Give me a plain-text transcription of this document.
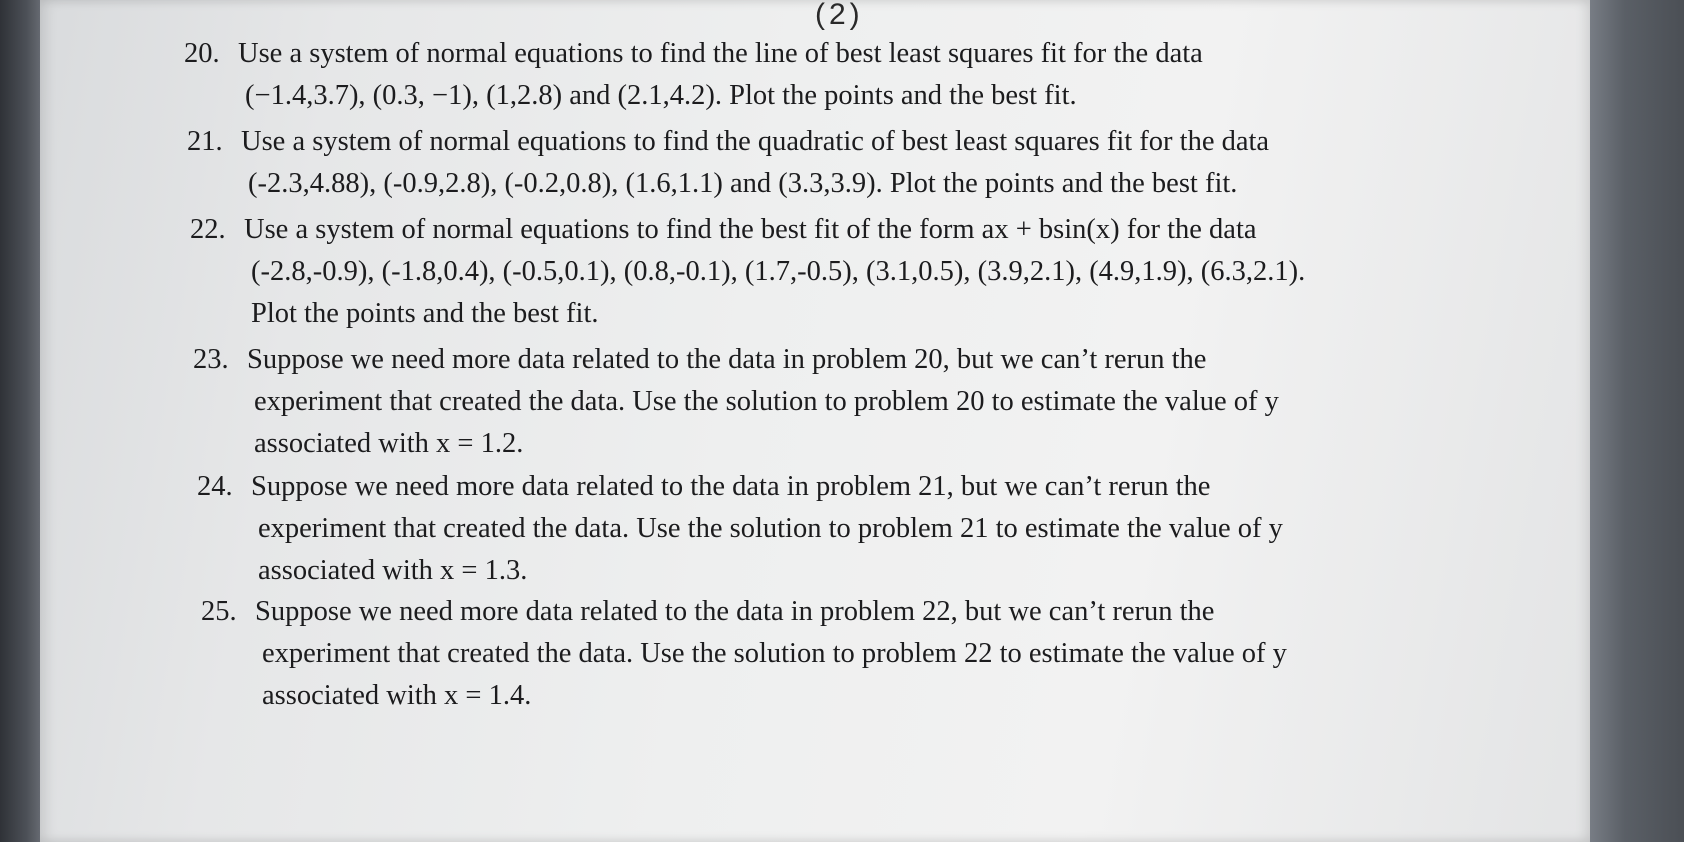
(2)
20. Use a system of normal equations to find the line of best least squares fit for the data
(−1.4,3.7), (0.3, −1), (1,2.8) and (2.1,4.2). Plot the points and the best fit.
21. Use a system of normal equations to find the quadratic of best least squares fit for the data
(-2.3,4.88), (-0.9,2.8), (-0.2,0.8), (1.6,1.1) and (3.3,3.9). Plot the points and the best fit.
22. Use a system of normal equations to find the best fit of the form ax + bsin(x) for the data
(-2.8,-0.9), (-1.8,0.4), (-0.5,0.1), (0.8,-0.1), (1.7,-0.5), (3.1,0.5), (3.9,2.1), (4.9,1.9), (6.3,2.1).
Plot the points and the best fit.
23. Suppose we need more data related to the data in problem 20, but we can’t rerun the
experiment that created the data. Use the solution to problem 20 to estimate the value of y
associated with x = 1.2.
24. Suppose we need more data related to the data in problem 21, but we can’t rerun the
experiment that created the data. Use the solution to problem 21 to estimate the value of y
associated with x = 1.3.
25. Suppose we need more data related to the data in problem 22, but we can’t rerun the
experiment that created the data. Use the solution to problem 22 to estimate the value of y
associated with x = 1.4.
